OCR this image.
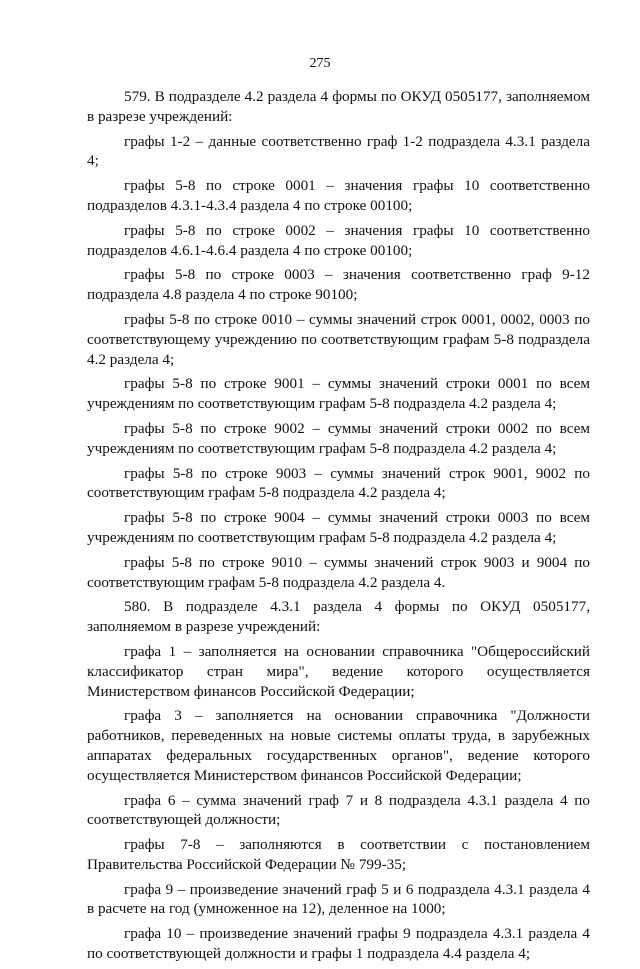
275

579. В подразделе 4.2 раздела 4 формы по ОКУД 0505177, заполняемом в разрезе учреждений:

графы 1-2 – данные соответственно граф 1-2 подраздела 4.3.1 раздела 4;

графы 5-8 по строке 0001 – значения графы 10 соответственно подразделов 4.3.1-4.3.4 раздела 4 по строке 00100;

графы 5-8 по строке 0002 – значения графы 10 соответственно подразделов 4.6.1-4.6.4 раздела 4 по строке 00100;

графы 5-8 по строке 0003 – значения соответственно граф 9-12 подраздела 4.8 раздела 4 по строке 90100;

графы 5-8 по строке 0010 – суммы значений строк 0001, 0002, 0003 по соответствующему учреждению по соответствующим графам 5-8 подраздела 4.2 раздела 4;

графы 5-8 по строке 9001 – суммы значений строки 0001 по всем учреждениям по соответствующим графам 5-8 подраздела 4.2 раздела 4;

графы 5-8 по строке 9002 – суммы значений строки 0002 по всем учреждениям по соответствующим графам 5-8 подраздела 4.2 раздела 4;

графы 5-8 по строке 9003 – суммы значений строк 9001, 9002 по соответствующим графам 5-8 подраздела 4.2 раздела 4;

графы 5-8 по строке 9004 – суммы значений строки 0003 по всем учреждениям по соответствующим графам 5-8 подраздела 4.2 раздела 4;

графы 5-8 по строке 9010 – суммы значений строк 9003 и 9004 по соответствующим графам 5-8 подраздела 4.2 раздела 4.

580. В подразделе 4.3.1 раздела 4 формы по ОКУД 0505177, заполняемом в разрезе учреждений:

графа 1 – заполняется на основании справочника "Общероссийский классификатор стран мира", ведение которого осуществляется Министерством финансов Российской Федерации;

графа 3 – заполняется на основании справочника "Должности работников, переведенных на новые системы оплаты труда, в зарубежных аппаратах федеральных государственных органов", ведение которого осуществляется Министерством финансов Российской Федерации;

графа 6 – сумма значений граф 7 и 8 подраздела 4.3.1 раздела 4 по соответствующей должности;

графы 7-8 – заполняются в соответствии с постановлением Правительства Российской Федерации № 799-35;

графа 9 – произведение значений граф 5 и 6 подраздела 4.3.1 раздела 4 в расчете на год (умноженное на 12), деленное на 1000;

графа 10 – произведение значений графы 9 подраздела 4.3.1 раздела 4 по соответствующей должности и графы 1 подраздела 4.4 раздела 4;
